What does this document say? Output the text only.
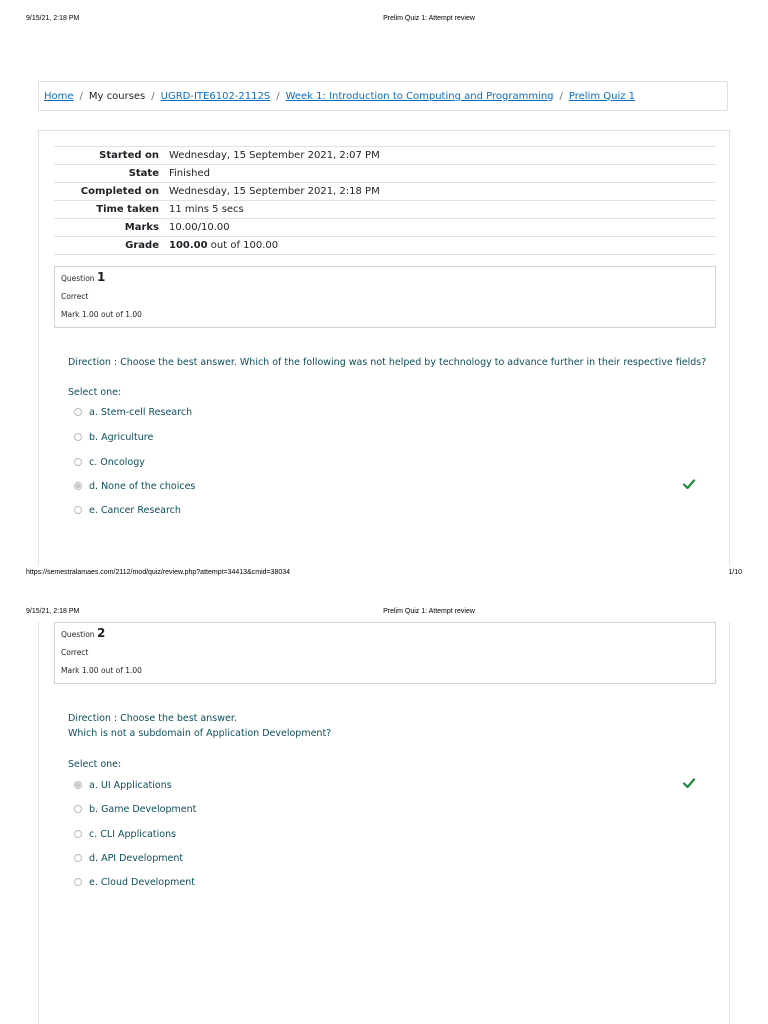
9/15/21, 2:18 PM	Prelim Quiz 1: Attempt review
Home / My courses / UGRD-ITE6102-2112S / Week 1: Introduction to Computing and Programming / Prelim Quiz 1
Started on	Wednesday, 15 September 2021, 2:07 PM
State	Finished
Completed on	Wednesday, 15 September 2021, 2:18 PM
Time taken	11 mins 5 secs
Marks	10.00/10.00
Grade	100.00 out of 100.00
Question 1
Correct
Mark 1.00 out of 1.00
Direction : Choose the best answer. Which of the following was not helped by technology to advance further in their respective fields?
Select one:
a. Stem-cell Research
b. Agriculture
c. Oncology
d. None of the choices
e. Cancer Research
https://semestralamaes.com/2112/mod/quiz/review.php?attempt=34413&cmid=38034	1/10
9/15/21, 2:18 PM	Prelim Quiz 1: Attempt review
Question 2
Correct
Mark 1.00 out of 1.00
Direction : Choose the best answer.
Which is not a subdomain of Application Development?
Select one:
a. UI Applications
b. Game Development
c. CLI Applications
d. API Development
e. Cloud Development
